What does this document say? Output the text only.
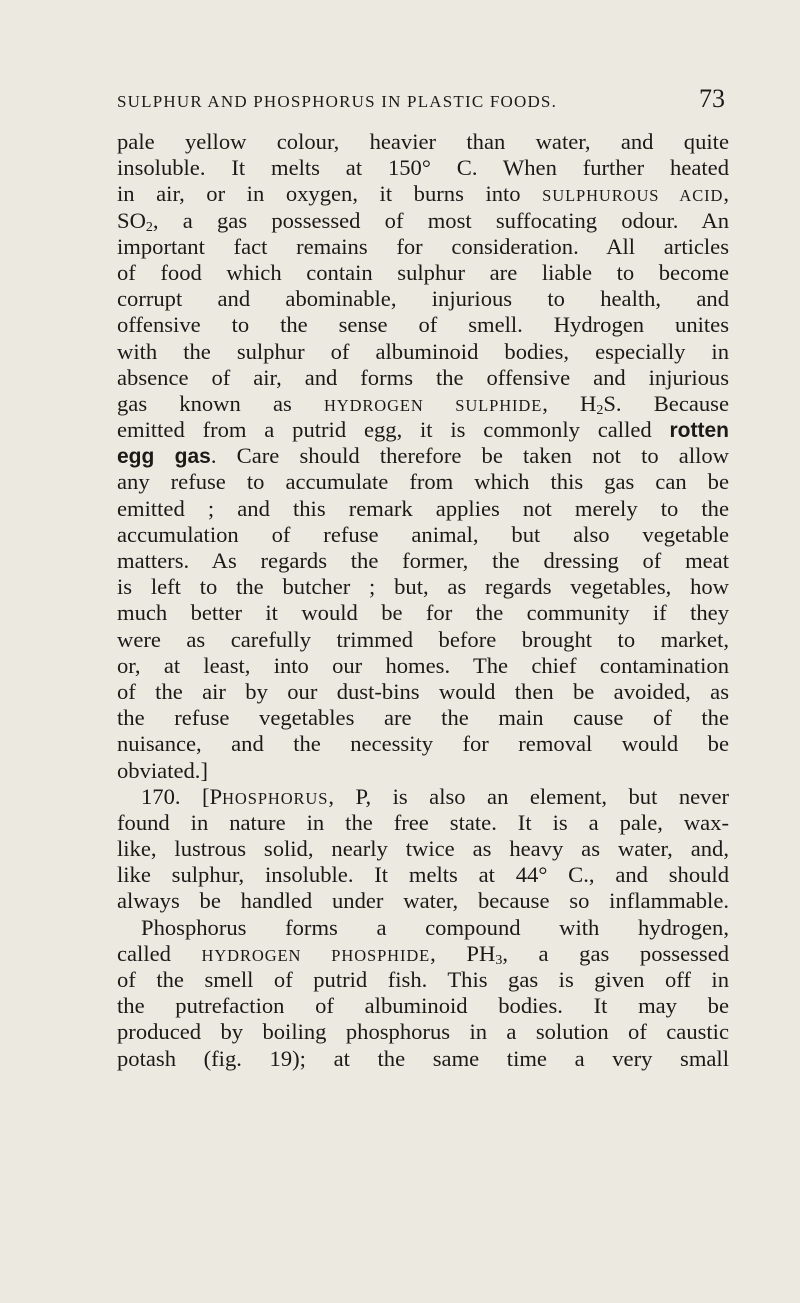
SULPHUR AND PHOSPHORUS IN PLASTIC FOODS.	73
pale yellow colour, heavier than water, and quite
insoluble. It melts at 150° C. When further heated
in air, or in oxygen, it burns into SULPHUROUS ACID,
$SO_2$, a gas possessed of most suffocating odour. An
important fact remains for consideration. All articles
of food which contain sulphur are liable to become
corrupt and abominable, injurious to health, and
offensive to the sense of smell. Hydrogen unites
with the sulphur of albuminoid bodies, especially in
absence of air, and forms the offensive and injurious
gas known as HYDROGEN SULPHIDE, $H_2S$. Because
emitted from a putrid egg, it is commonly called rotten
egg gas. Care should therefore be taken not to allow
any refuse to accumulate from which this gas can be
emitted ; and this remark applies not merely to the
accumulation of refuse animal, but also vegetable
matters. As regards the former, the dressing of meat
is left to the butcher ; but, as regards vegetables, how
much better it would be for the community if they
were as carefully trimmed before brought to market,
or, at least, into our homes. The chief contamination
of the air by our dust-bins would then be avoided, as
the refuse vegetables are the main cause of the
nuisance, and the necessity for removal would be
obviated.]
170. [PHOSPHORUS, P, is also an element, but never
found in nature in the free state. It is a pale, wax-
like, lustrous solid, nearly twice as heavy as water, and,
like sulphur, insoluble. It melts at 44° C., and should
always be handled under water, because so inflammable.
Phosphorus forms a compound with hydrogen,
called HYDROGEN PHOSPHIDE, $PH_3$, a gas possessed
of the smell of putrid fish. This gas is given off in
the putrefaction of albuminoid bodies. It may be
produced by boiling phosphorus in a solution of caustic
potash (fig. 19); at the same time a very small
